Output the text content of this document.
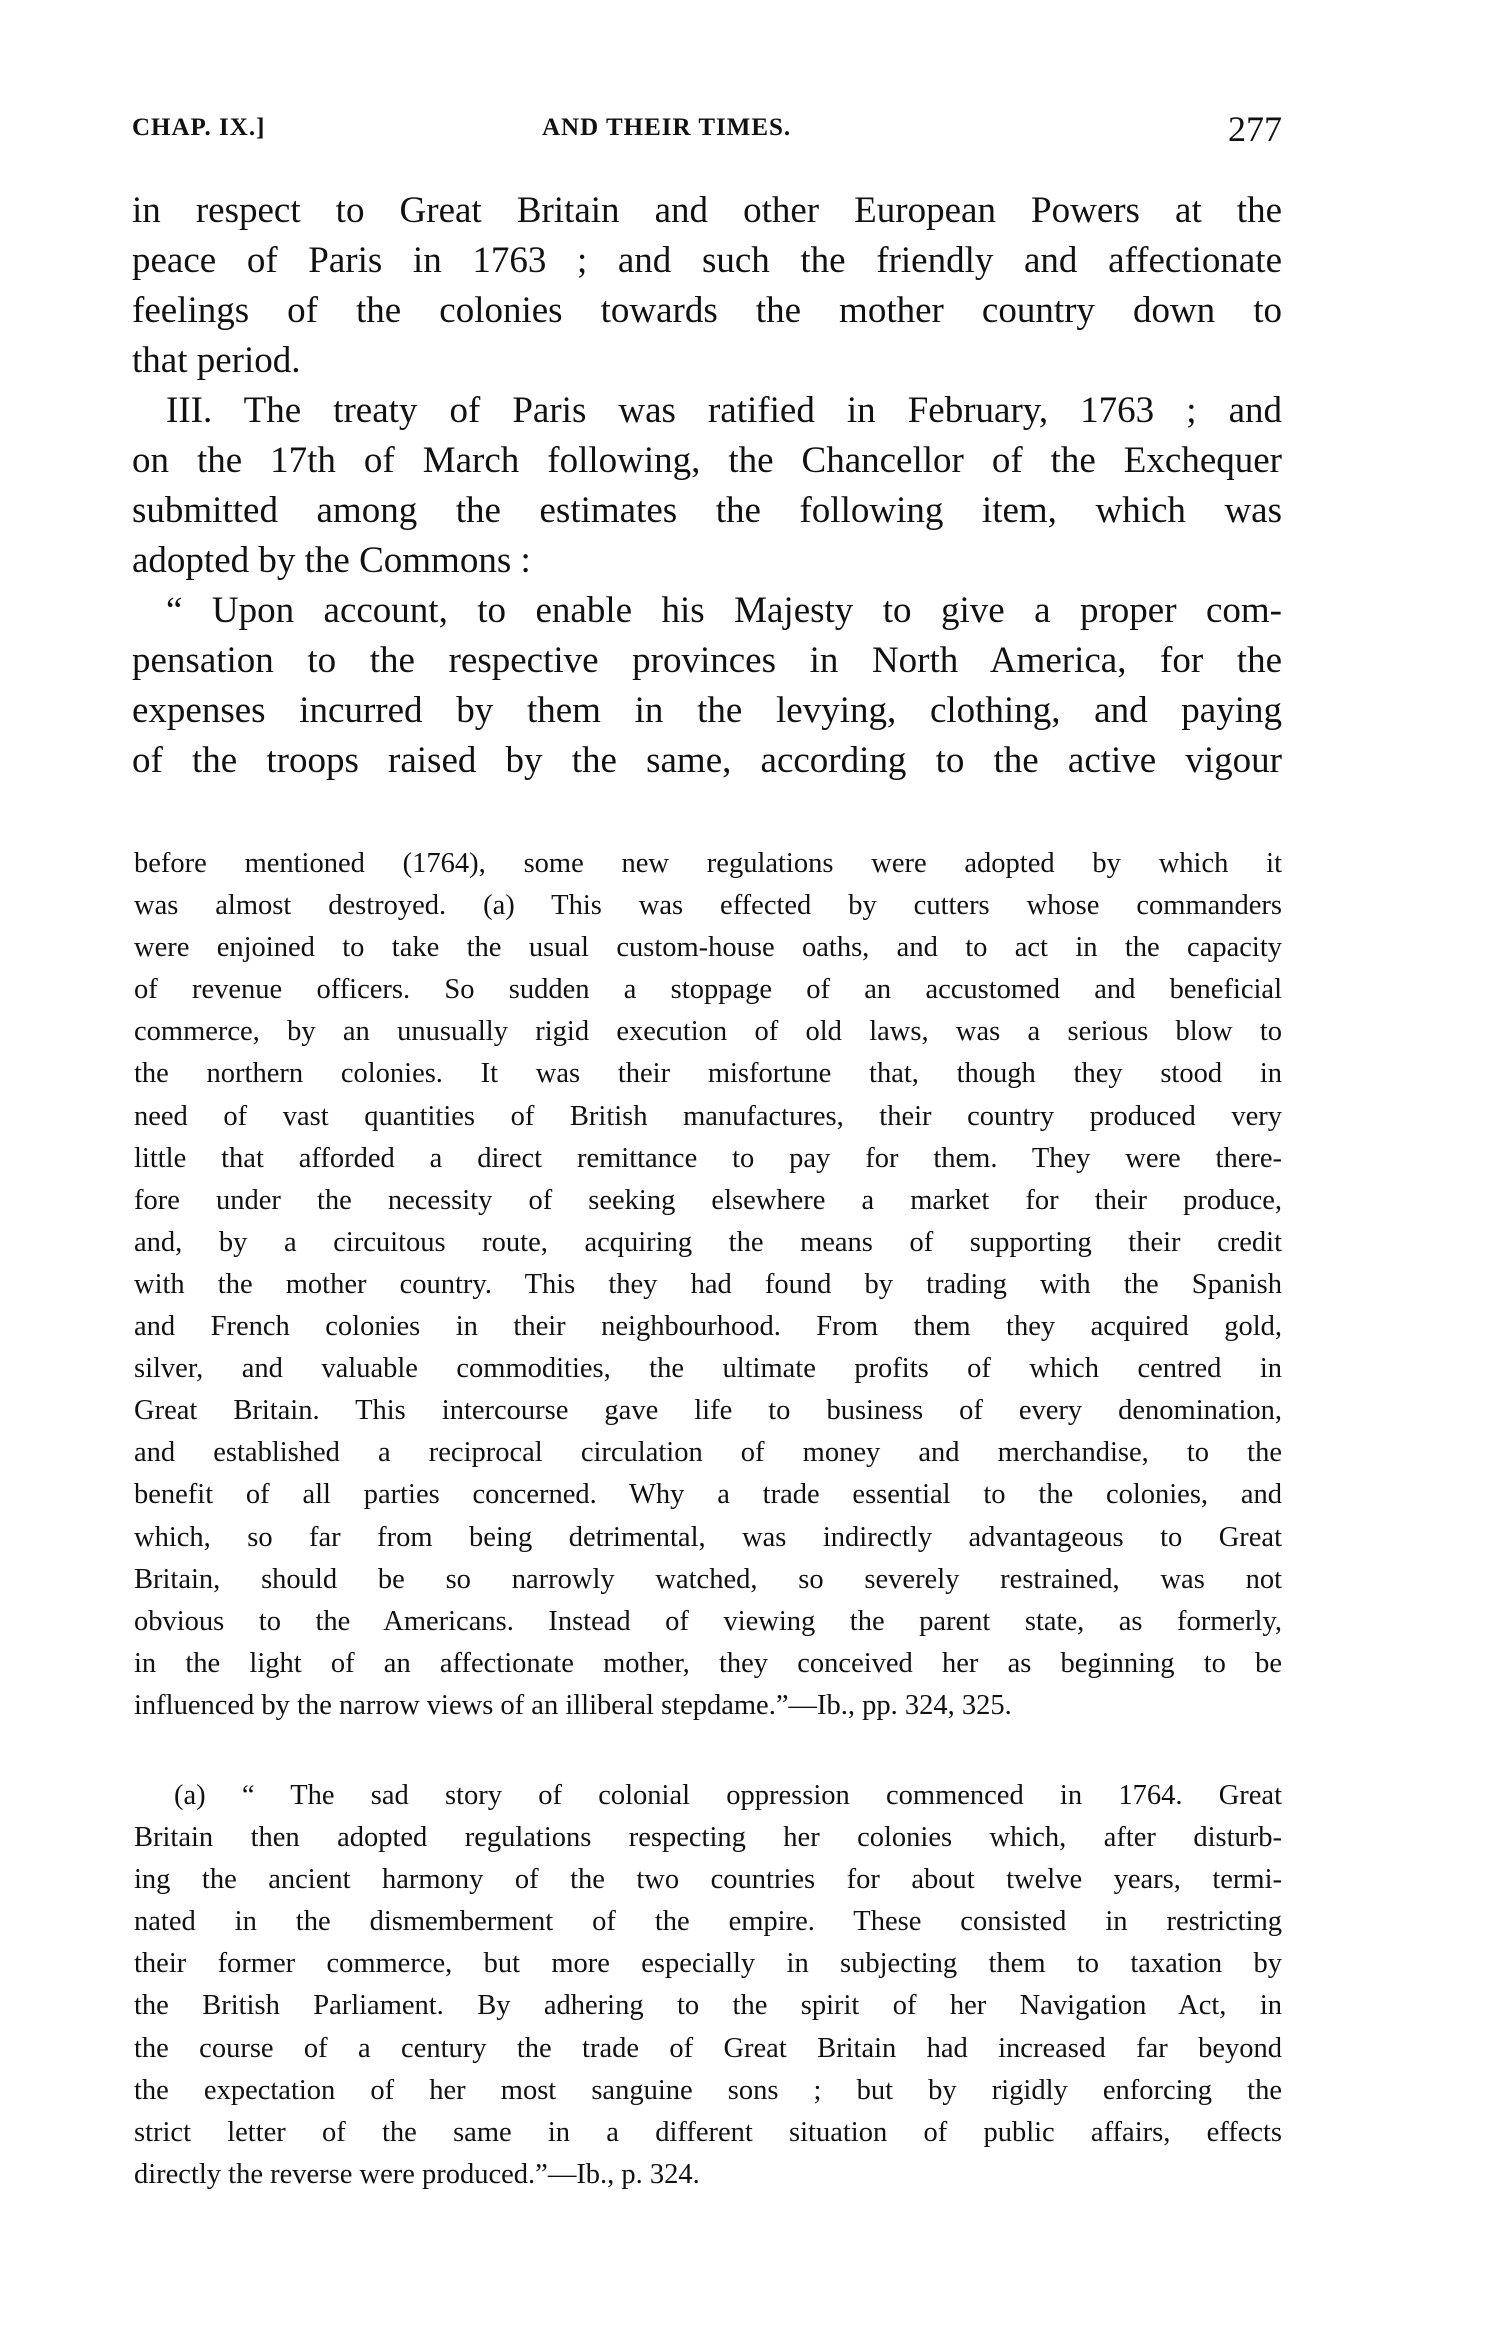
CHAP. IX.]	AND THEIR TIMES.	277
in respect to Great Britain and other European Powers at the
peace of Paris in 1763 ; and such the friendly and affectionate
feelings of the colonies towards the mother country down to
that period.
III. The treaty of Paris was ratified in February, 1763 ; and
on the 17th of March following, the Chancellor of the Exchequer
submitted among the estimates the following item, which was
adopted by the Commons :
“ Upon account, to enable his Majesty to give a proper com-
pensation to the respective provinces in North America, for the
expenses incurred by them in the levying, clothing, and paying
of the troops raised by the same, according to the active vigour
before mentioned (1764), some new regulations were adopted by which it
was almost destroyed. (a) This was effected by cutters whose commanders
were enjoined to take the usual custom-house oaths, and to act in the capacity
of revenue officers. So sudden a stoppage of an accustomed and beneficial
commerce, by an unusually rigid execution of old laws, was a serious blow to
the northern colonies. It was their misfortune that, though they stood in
need of vast quantities of British manufactures, their country produced very
little that afforded a direct remittance to pay for them. They were there-
fore under the necessity of seeking elsewhere a market for their produce,
and, by a circuitous route, acquiring the means of supporting their credit
with the mother country. This they had found by trading with the Spanish
and French colonies in their neighbourhood. From them they acquired gold,
silver, and valuable commodities, the ultimate profits of which centred in
Great Britain. This intercourse gave life to business of every denomination,
and established a reciprocal circulation of money and merchandise, to the
benefit of all parties concerned. Why a trade essential to the colonies, and
which, so far from being detrimental, was indirectly advantageous to Great
Britain, should be so narrowly watched, so severely restrained, was not
obvious to the Americans. Instead of viewing the parent state, as formerly,
in the light of an affectionate mother, they conceived her as beginning to be
influenced by the narrow views of an illiberal stepdame.”—Ib., pp. 324, 325.
(a) “ The sad story of colonial oppression commenced in 1764. Great
Britain then adopted regulations respecting her colonies which, after disturb-
ing the ancient harmony of the two countries for about twelve years, termi-
nated in the dismemberment of the empire. These consisted in restricting
their former commerce, but more especially in subjecting them to taxation by
the British Parliament. By adhering to the spirit of her Navigation Act, in
the course of a century the trade of Great Britain had increased far beyond
the expectation of her most sanguine sons ; but by rigidly enforcing the
strict letter of the same in a different situation of public affairs, effects
directly the reverse were produced.”—Ib., p. 324.
